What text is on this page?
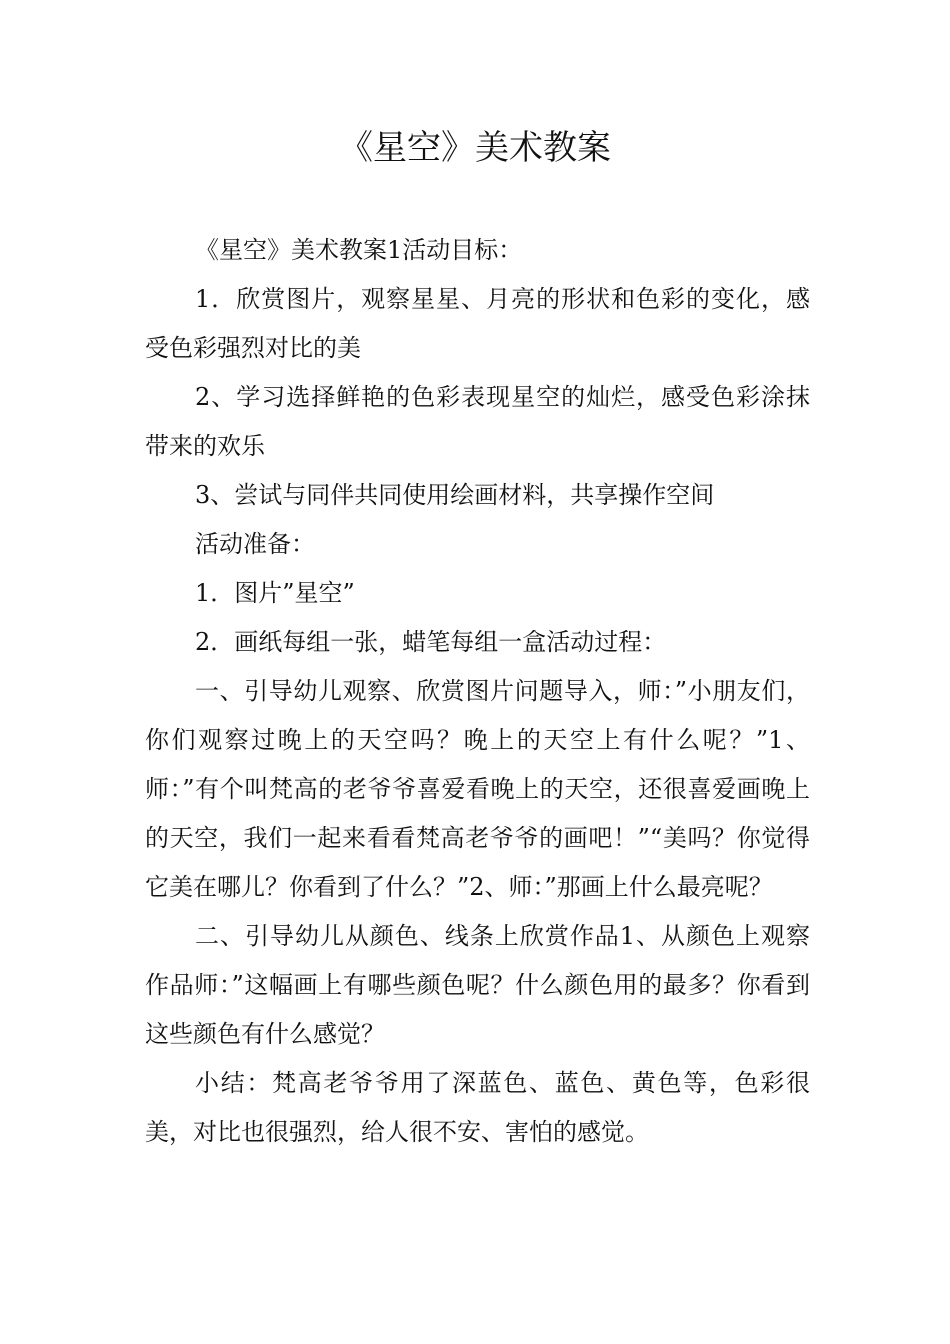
《星空》美术教案

《星空》美术教案1活动目标：

1．欣赏图片，观察星星、月亮的形状和色彩的变化，感受色彩强烈对比的美

2、学习选择鲜艳的色彩表现星空的灿烂，感受色彩涂抹带来的欢乐

3、尝试与同伴共同使用绘画材料，共享操作空间

活动准备：

1．图片”星空”

2．画纸每组一张，蜡笔每组一盒活动过程：

一、引导幼儿观察、欣赏图片问题导入，师：”小朋友们，你们观察过晚上的天空吗？晚上的天空上有什么呢？”1、师：”有个叫梵高的老爷爷喜爱看晚上的天空，还很喜爱画晚上的天空，我们一起来看看梵高老爷爷的画吧！”“美吗？你觉得它美在哪儿？你看到了什么？”2、师：”那画上什么最亮呢？

二、引导幼儿从颜色、线条上欣赏作品1、从颜色上观察作品师：”这幅画上有哪些颜色呢？什么颜色用的最多？你看到这些颜色有什么感觉？

小结：梵高老爷爷用了深蓝色、蓝色、黄色等，色彩很美，对比也很强烈，给人很不安、害怕的感觉。
